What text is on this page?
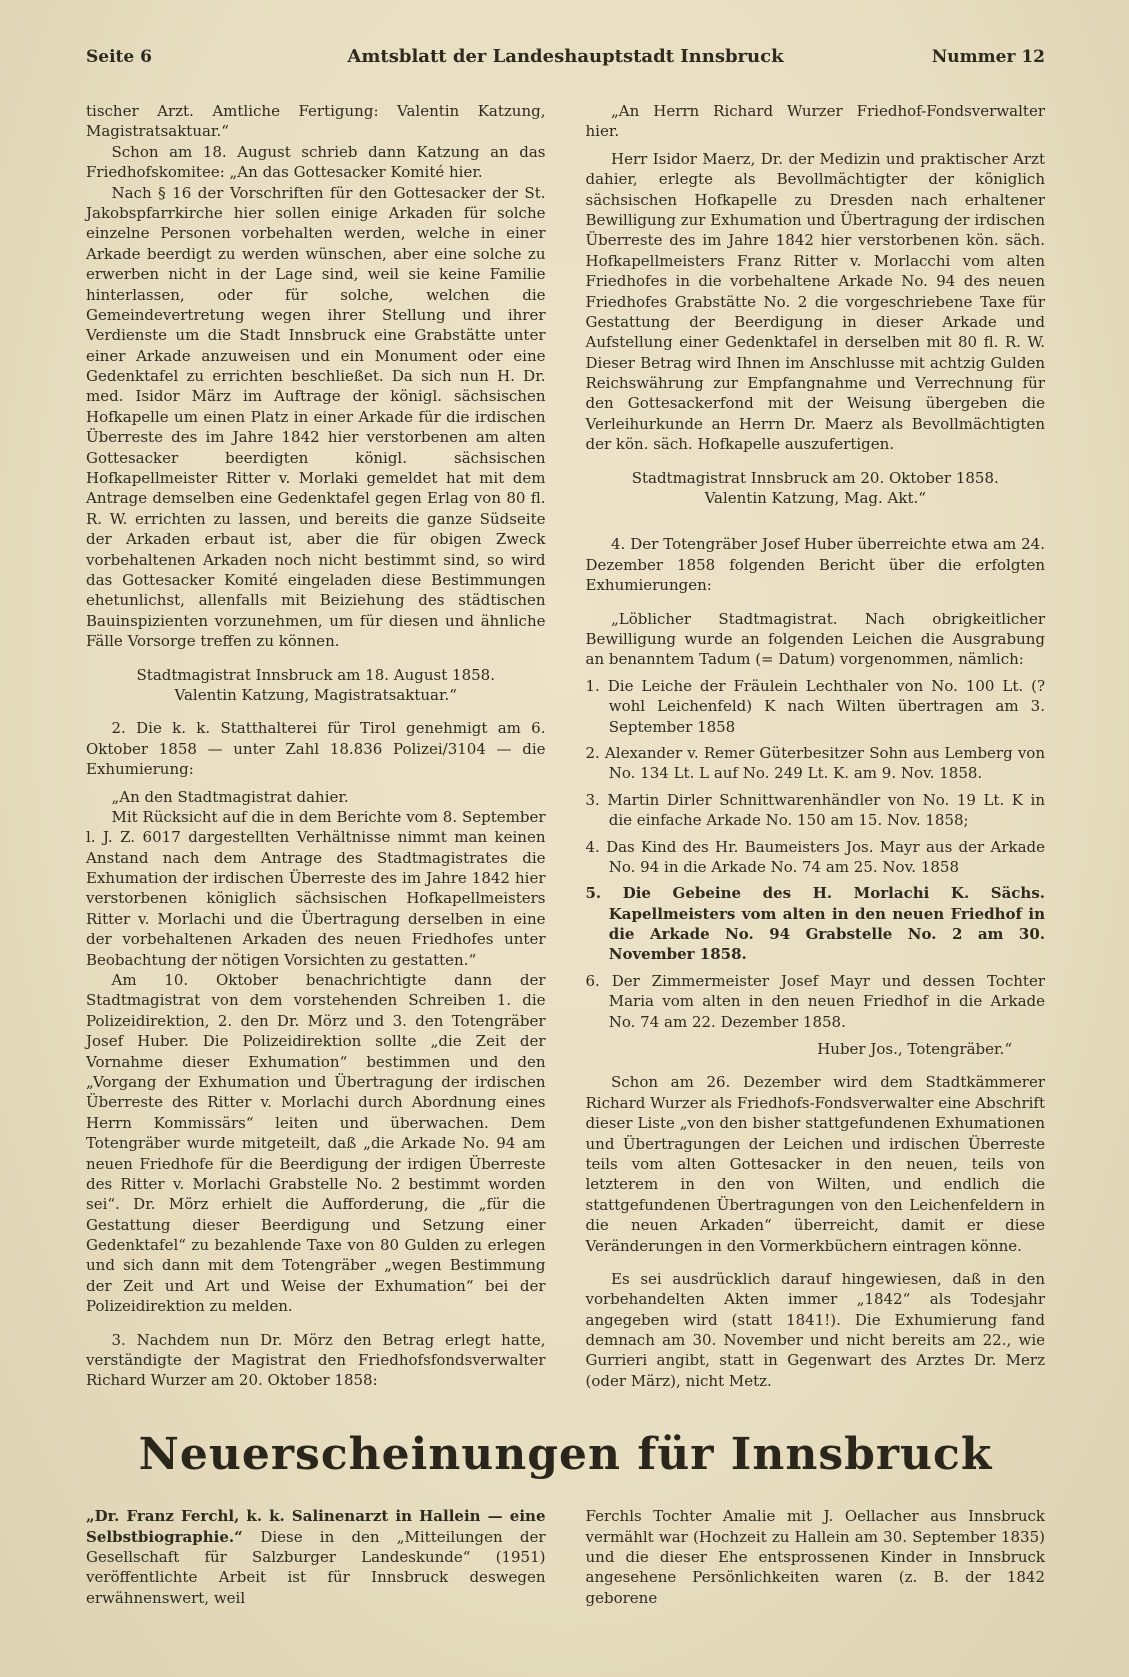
Seite 6	Amtsblatt der Landeshauptstadt Innsbruck	Nummer 12

tischer Arzt. Amtliche Fertigung: Valentin Katzung, Magistratsaktuar.“

Schon am 18. August schrieb dann Katzung an das Friedhofskomitee: „An das Gottesacker Komité hier.

Nach § 16 der Vorschriften für den Gottesacker der St. Jakobspfarrkirche hier sollen einige Arkaden für solche einzelne Personen vorbehalten werden, welche in einer Arkade beerdigt zu werden wünschen, aber eine solche zu erwerben nicht in der Lage sind, weil sie keine Familie hinterlassen, oder für solche, welchen die Gemeindevertretung wegen ihrer Stellung und ihrer Verdienste um die Stadt Innsbruck eine Grabstätte unter einer Arkade anzuweisen und ein Monument oder eine Gedenktafel zu errichten beschließet. Da sich nun H. Dr. med. Isidor März im Auftrage der königl. sächsischen Hofkapelle um einen Platz in einer Arkade für die irdischen Überreste des im Jahre 1842 hier verstorbenen am alten Gottesacker beerdigten königl. sächsischen Hofkapellmeister Ritter v. Morlaki gemeldet hat mit dem Antrage demselben eine Gedenktafel gegen Erlag von 80 fl. R. W. errichten zu lassen, und bereits die ganze Südseite der Arkaden erbaut ist, aber die für obigen Zweck vorbehaltenen Arkaden noch nicht bestimmt sind, so wird das Gottesacker Komité eingeladen diese Bestimmungen ehetunlichst, allenfalls mit Beiziehung des städtischen Bauinspizienten vorzunehmen, um für diesen und ähnliche Fälle Vorsorge treffen zu können.

Stadtmagistrat Innsbruck am 18. August 1858.

Valentin Katzung, Magistratsaktuar.“

2. Die k. k. Statthalterei für Tirol genehmigt am 6. Oktober 1858 — unter Zahl 18.836 Polizei/3104 — die Exhumierung:

„An den Stadtmagistrat dahier.

Mit Rücksicht auf die in dem Berichte vom 8. September l. J. Z. 6017 dargestellten Verhältnisse nimmt man keinen Anstand nach dem Antrage des Stadtmagistrates die Exhumation der irdischen Überreste des im Jahre 1842 hier verstorbenen königlich sächsischen Hofkapellmeisters Ritter v. Morlachi und die Übertragung derselben in eine der vorbehaltenen Arkaden des neuen Friedhofes unter Beobachtung der nötigen Vorsichten zu gestatten.“

Am 10. Oktober benachrichtigte dann der Stadtmagistrat von dem vorstehenden Schreiben 1. die Polizeidirektion, 2. den Dr. Mörz und 3. den Totengräber Josef Huber. Die Polizeidirektion sollte „die Zeit der Vornahme dieser Exhumation“ bestimmen und den „Vorgang der Exhumation und Übertragung der irdischen Überreste des Ritter v. Morlachi durch Abordnung eines Herrn Kommissärs“ leiten und überwachen. Dem Totengräber wurde mitgeteilt, daß „die Arkade No. 94 am neuen Friedhofe für die Beerdigung der irdigen Überreste des Ritter v. Morlachi Grabstelle No. 2 bestimmt worden sei“. Dr. Mörz erhielt die Aufforderung, die „für die Gestattung dieser Beerdigung und Setzung einer Gedenktafel“ zu bezahlende Taxe von 80 Gulden zu erlegen und sich dann mit dem Totengräber „wegen Bestimmung der Zeit und Art und Weise der Exhumation“ bei der Polizeidirektion zu melden.

3. Nachdem nun Dr. Mörz den Betrag erlegt hatte, verständigte der Magistrat den Friedhofsfondsverwalter Richard Wurzer am 20. Oktober 1858:

„An Herrn Richard Wurzer Friedhof-Fondsverwalter hier.

Herr Isidor Maerz, Dr. der Medizin und praktischer Arzt dahier, erlegte als Bevollmächtigter der königlich sächsischen Hofkapelle zu Dresden nach erhaltener Bewilligung zur Exhumation und Übertragung der irdischen Überreste des im Jahre 1842 hier verstorbenen kön. säch. Hofkapellmeisters Franz Ritter v. Morlacchi vom alten Friedhofes in die vorbehaltene Arkade No. 94 des neuen Friedhofes Grabstätte No. 2 die vorgeschriebene Taxe für Gestattung der Beerdigung in dieser Arkade und Aufstellung einer Gedenktafel in derselben mit 80 fl. R. W. Dieser Betrag wird Ihnen im Anschlusse mit achtzig Gulden Reichswährung zur Empfangnahme und Verrechnung für den Gottesackerfond mit der Weisung übergeben die Verleihurkunde an Herrn Dr. Maerz als Bevollmächtigten der kön. säch. Hofkapelle auszufertigen.

Stadtmagistrat Innsbruck am 20. Oktober 1858.

Valentin Katzung, Mag. Akt.“

4. Der Totengräber Josef Huber überreichte etwa am 24. Dezember 1858 folgenden Bericht über die erfolgten Exhumierungen:

„Löblicher Stadtmagistrat. Nach obrigkeitlicher Bewilligung wurde an folgenden Leichen die Ausgrabung an benanntem Tadum (= Datum) vorgenommen, nämlich:

1. Die Leiche der Fräulein Lechthaler von No. 100 Lt. (? wohl Leichenfeld) K nach Wilten übertragen am 3. September 1858

2. Alexander v. Remer Güterbesitzer Sohn aus Lemberg von No. 134 Lt. L auf No. 249 Lt. K. am 9. Nov. 1858.

3. Martin Dirler Schnittwarenhändler von No. 19 Lt. K in die einfache Arkade No. 150 am 15. Nov. 1858;

4. Das Kind des Hr. Baumeisters Jos. Mayr aus der Arkade No. 94 in die Arkade No. 74 am 25. Nov. 1858

5. Die Gebeine des H. Morlachi K. Sächs. Kapellmeisters vom alten in den neuen Friedhof in die Arkade No. 94 Grabstelle No. 2 am 30. November 1858.

6. Der Zimmermeister Josef Mayr und dessen Tochter Maria vom alten in den neuen Friedhof in die Arkade No. 74 am 22. Dezember 1858.

Huber Jos., Totengräber.“

Schon am 26. Dezember wird dem Stadtkämmerer Richard Wurzer als Friedhofs-Fondsverwalter eine Abschrift dieser Liste „von den bisher stattgefundenen Exhumationen und Übertragungen der Leichen und irdischen Überreste teils vom alten Gottesacker in den neuen, teils von letzterem in den von Wilten, und endlich die stattgefundenen Übertragungen von den Leichenfeldern in die neuen Arkaden“ überreicht, damit er diese Veränderungen in den Vormerkbüchern eintragen könne.

Es sei ausdrücklich darauf hingewiesen, daß in den vorbehandelten Akten immer „1842“ als Todesjahr angegeben wird (statt 1841!). Die Exhumierung fand demnach am 30. November und nicht bereits am 22., wie Gurrieri angibt, statt in Gegenwart des Arztes Dr. Merz (oder März), nicht Metz.

Neuerscheinungen für Innsbruck

„Dr. Franz Ferchl, k. k. Salinenarzt in Hallein — eine Selbstbiographie.“ Diese in den „Mitteilungen der Gesellschaft für Salzburger Landeskunde“ (1951) veröffentlichte Arbeit ist für Innsbruck deswegen erwähnenswert, weil

Ferchls Tochter Amalie mit J. Oellacher aus Innsbruck vermählt war (Hochzeit zu Hallein am 30. September 1835) und die dieser Ehe entsprossenen Kinder in Innsbruck angesehene Persönlichkeiten waren (z. B. der 1842 geborene
